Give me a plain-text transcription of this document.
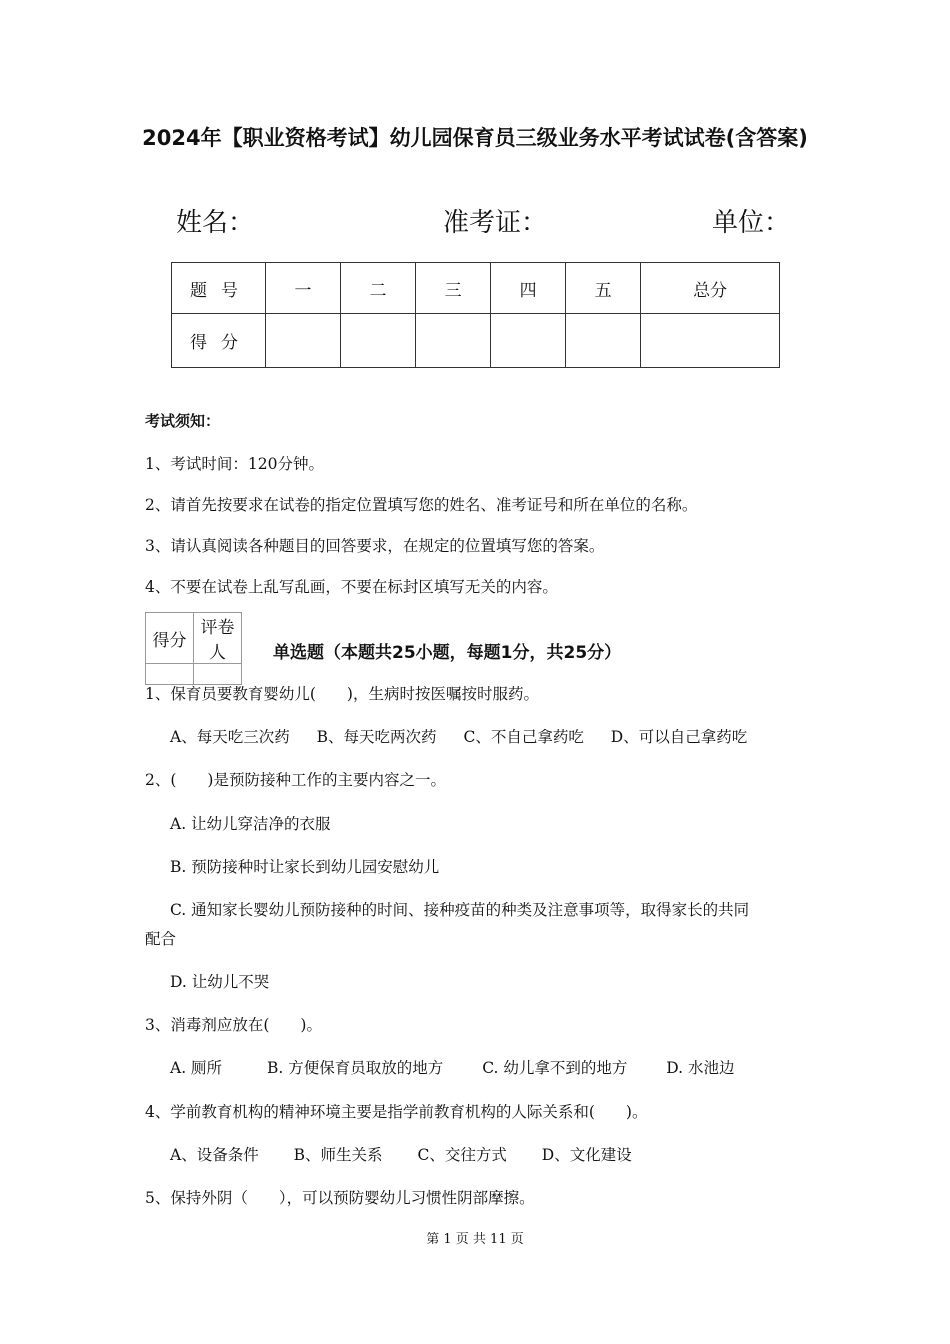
2024年【职业资格考试】幼儿园保育员三级业务水平考试试卷(含答案)
姓名：	准考证：	单位：
题号	一	二	三	四	五	总分
得分						
考试须知：
1、考试时间：120分钟。
2、请首先按要求在试卷的指定位置填写您的姓名、准考证号和所在单位的名称。
3、请认真阅读各种题目的回答要求，在规定的位置填写您的答案。
4、不要在试卷上乱写乱画，不要在标封区填写无关的内容。
得分	评卷人
		单选题（本题共25小题，每题1分，共25分）
1、保育员要教育婴幼儿(　　)，生病时按医嘱按时服药。
A、每天吃三次药 B、每天吃两次药 C、不自己拿药吃 D、可以自己拿药吃
2、(　　)是预防接种工作的主要内容之一。
A. 让幼儿穿洁净的衣服
B. 预防接种时让家长到幼儿园安慰幼儿
C. 通知家长婴幼儿预防接种的时间、接种疫苗的种类及注意事项等，取得家长的共同
配合
D. 让幼儿不哭
3、消毒剂应放在(　　)。
A. 厕所	B. 方便保育员取放的地方	C. 幼儿拿不到的地方	D. 水池边
4、学前教育机构的精神环境主要是指学前教育机构的人际关系和(　　)。
A、设备条件 B、师生关系 C、交往方式 D、文化建设
5、保持外阴（　　），可以预防婴幼儿习惯性阴部摩擦。
第 1 页 共 11 页
